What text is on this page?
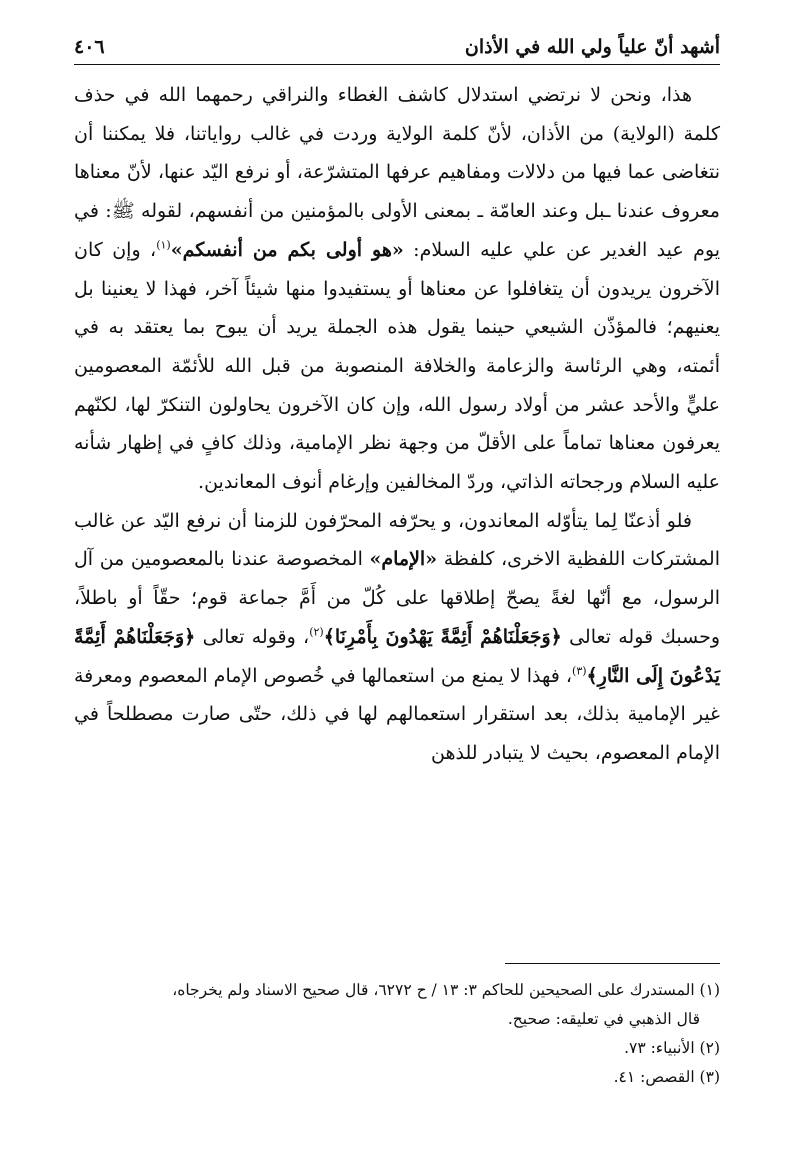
أشهد أنّ علياً ولي الله في الأذان
٤٠٦

هذا، ونحن لا نرتضي استدلال كاشف الغطاء والنراقي رحمهما الله في حذف كلمة (الولاية) من الأذان، لأنّ كلمة الولاية وردت في غالب رواياتنا، فلا يمكننا أن نتغاضى عما فيها من دلالات ومفاهيم عرفها المتشرّعة، أو نرفع اليّد عنها، لأنّ معناها معروف عندنا ـبل وعند العامّة ـ بمعنى الأولى بالمؤمنين من أنفسهم، لقوله ﷺ: في يوم عيد الغدير عن علي عليه السلام: «هو أولى بكم من أنفسكم»$^{(١)}$، وإن كان الآخرون يريدون أن يتغافلوا عن معناها أو يستفيدوا منها شيئاً آخر، فهذا لا يعنينا بل يعنيهم؛ فالمؤذّن الشيعي حينما يقول هذه الجملة يريد أن يبوح بما يعتقد به في أئمته، وهي الرئاسة والزعامة والخلافة المنصوبة من قبل الله للأئمّة المعصومين عليٍّ والأحد عشر من أولاد رسول الله، وإن كان الآخرون يحاولون التنكرّ لها، لكنّهم يعرفون معناها تماماً على الأقلّ من وجهة نظر الإمامية، وذلك كافٍ في إظهار شأنه عليه السلام ورجحاته الذاتي، وردّ المخالفين وإرغام أنوف المعاندين.

فلو أذعنّا لِما يتأوّله المعاندون، و يحرّفه المحرّفون للزمنا أن نرفع اليّد عن غالب المشتركات اللفظية الاخرى، كلفظة «الإمام» المخصوصة عندنا بالمعصومين من آل الرسول، مع أنّها لغةً يصحّ إطلاقها على كُلّ من أَمَّ جماعة قوم؛ حقّاً أو باطلاً، وحسبك قوله تعالى ﴿وَجَعَلْنَاهُمْ أَئِمَّةً يَهْدُونَ بِأَمْرِنَا﴾$^{(٢)}$، وقوله تعالى ﴿وَجَعَلْنَاهُمْ أَئِمَّةً يَدْعُونَ إِلَى النَّارِ﴾$^{(٣)}$، فهذا لا يمنع من استعمالها في خُصوص الإمام المعصوم ومعرفة غير الإمامية بذلك، بعد استقرار استعمالهم لها في ذلك، حتّى صارت مصطلحاً في الإمام المعصوم، بحيث لا يتبادر للذهن

(١) المستدرك على الصحيحين للحاكم ٣: ١٣ / ح ٦٢٧٢، قال صحيح الاسناد ولم يخرجاه،

قال الذهبي في تعليقه: صحيح.

(٢) الأنبياء: ٧٣.

(٣) القصص: ٤١.
